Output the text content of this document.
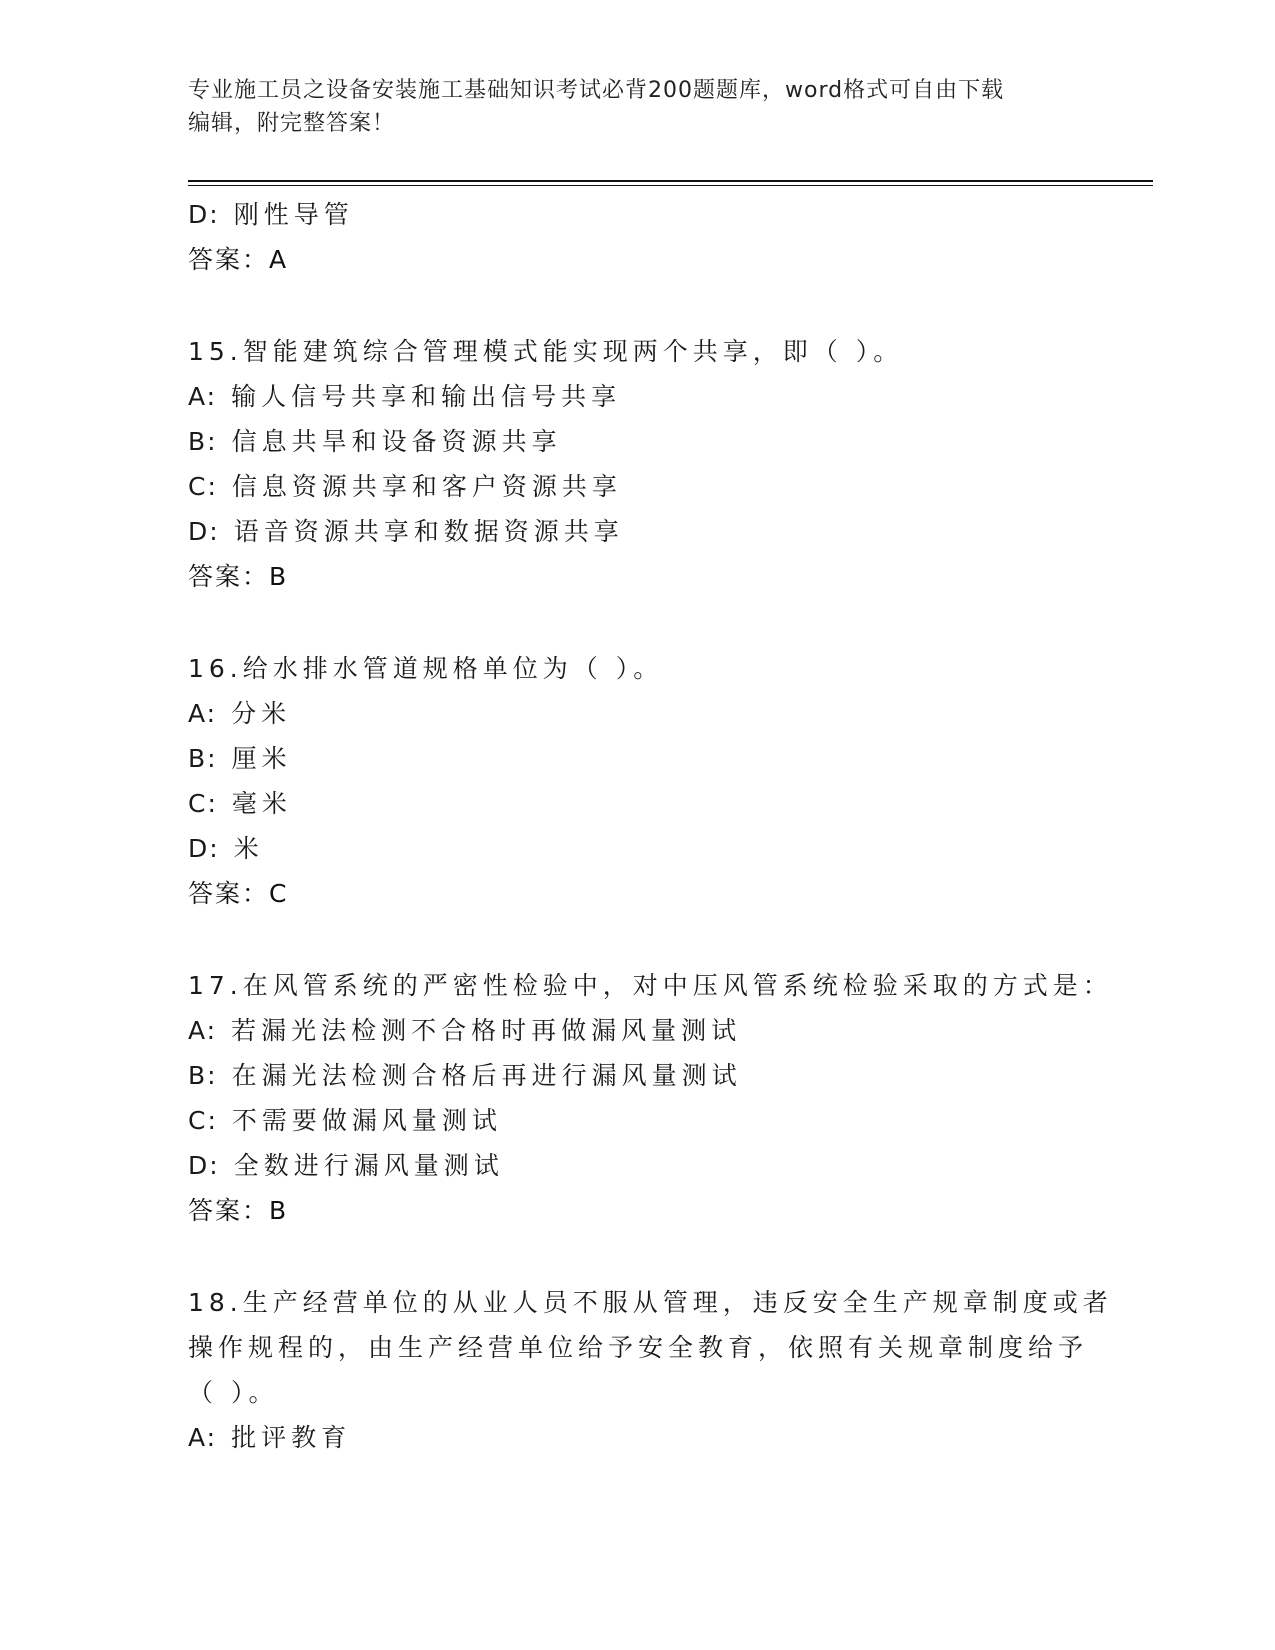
专业施工员之设备安装施工基础知识考试必背200题题库，word格式可自由下载
编辑，附完整答案！
D: 刚性导管
答案：A
15.智能建筑综合管理模式能实现两个共享，即（ ）。
A: 输人信号共享和输出信号共享
B: 信息共旱和设备资源共享
C: 信息资源共享和客户资源共享
D: 语音资源共享和数据资源共享
答案：B
16.给水排水管道规格单位为（ ）。
A: 分米
B: 厘米
C: 毫米
D: 米
答案：C
17.在风管系统的严密性检验中，对中压风管系统检验采取的方式是：
A: 若漏光法检测不合格时再做漏风量测试
B: 在漏光法检测合格后再进行漏风量测试
C: 不需要做漏风量测试
D: 全数进行漏风量测试
答案：B
18.生产经营单位的从业人员不服从管理，违反安全生产规章制度或者
操作规程的，由生产经营单位给予安全教育，依照有关规章制度给予
（ ）。
A: 批评教育
